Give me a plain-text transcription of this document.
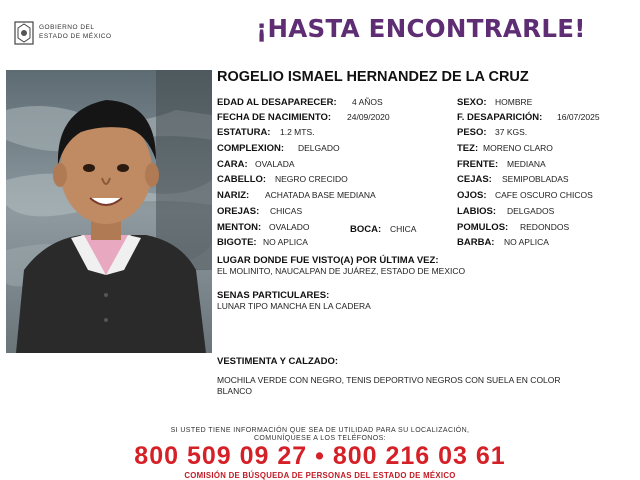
GOBIERNO DEL
ESTADO DE MÉXICO	¡HASTA ENCONTRARLE!
ROGELIO ISMAEL HERNANDEZ DE LA CRUZ
EDAD AL DESAPARECER: 4 AÑOS
FECHA DE NACIMIENTO: 24/09/2020
ESTATURA: 1.2 MTS.
COMPLEXION: DELGADO
CARA: OVALADA
CABELLO: NEGRO CRECIDO
NARIZ: ACHATADA BASE MEDIANA
OREJAS: CHICAS
MENTON: OVALADO	BOCA: CHICA
BIGOTE: NO APLICA
SEXO: HOMBRE
F. DESAPARICIÓN: 16/07/2025
PESO: 37 KGS.
TEZ: MORENO CLARO
FRENTE: MEDIANA
CEJAS: SEMIPOBLADAS
OJOS: CAFE OSCURO CHICOS
LABIOS: DELGADOS
POMULOS: REDONDOS
BARBA: NO APLICA
LUGAR DONDE FUE VISTO(A) POR ÚLTIMA VEZ:
EL MOLINITO, NAUCALPAN DE JUÁREZ, ESTADO DE MEXICO
SENAS PARTICULARES:
LUNAR TIPO MANCHA EN LA CADERA
VESTIMENTA Y CALZADO:
MOCHILA VERDE CON NEGRO, TENIS DEPORTIVO NEGROS CON SUELA EN COLOR
BLANCO
SI USTED TIENE INFORMACIÓN QUE SEA DE UTILIDAD PARA SU LOCALIZACIÓN,
COMUNÍQUESE A LOS TELÉFONOS:
800 509 09 27 • 800 216 03 61
COMISIÓN DE BÚSQUEDA DE PERSONAS DEL ESTADO DE MÉXICO
